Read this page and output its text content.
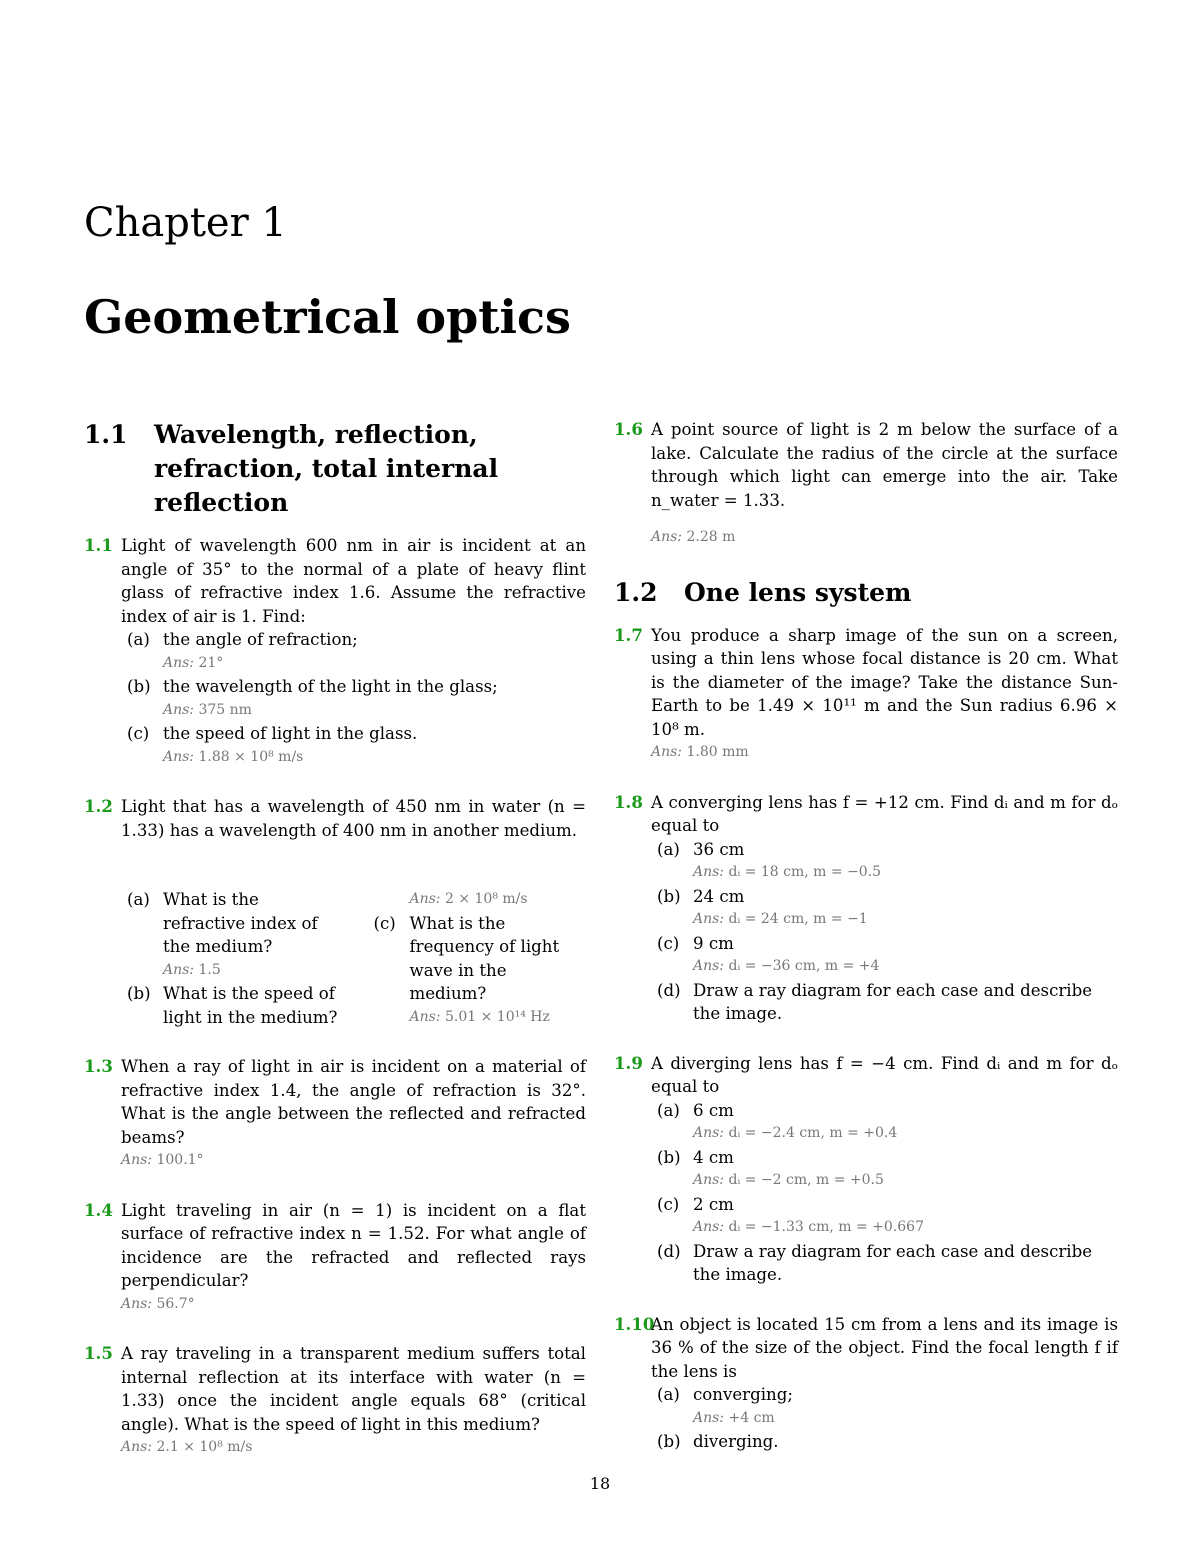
Chapter 1
Geometrical optics
1.1	Wavelength, reflection, refraction, total internal reflection
1.1 Light of wavelength 600 nm in air is incident at an angle of 35° to the normal of a plate of heavy flint glass of refractive index 1.6. Assume the refractive index of air is 1. Find:
(a) the angle of refraction;
Ans: 21°
(b) the wavelength of the light in the glass;
Ans: 375 nm
(c) the speed of light in the glass.
Ans: 1.88 × 10⁸ m/s
1.2 Light that has a wavelength of 450 nm in water (n = 1.33) has a wavelength of 400 nm in another medium.
(a) What is the refractive index of the medium?
Ans: 1.5
(b) What is the speed of light in the medium?
Ans: 2 × 10⁸ m/s
(c) What is the frequency of light wave in the medium?
Ans: 5.01 × 10¹⁴ Hz
1.3 When a ray of light in air is incident on a material of refractive index 1.4, the angle of refraction is 32°. What is the angle between the reflected and refracted beams?
Ans: 100.1°
1.4 Light traveling in air (n = 1) is incident on a flat surface of refractive index n = 1.52. For what angle of incidence are the refracted and reflected rays perpendicular?
Ans: 56.7°
1.5 A ray traveling in a transparent medium suffers total internal reflection at its interface with water (n = 1.33) once the incident angle equals 68° (critical angle). What is the speed of light in this medium?
Ans: 2.1 × 10⁸ m/s
1.6 A point source of light is 2 m below the surface of a lake. Calculate the radius of the circle at the surface through which light can emerge into the air. Take n_water = 1.33.
Ans: 2.28 m
1.2	One lens system
1.7 You produce a sharp image of the sun on a screen, using a thin lens whose focal distance is 20 cm. What is the diameter of the image? Take the distance Sun-Earth to be 1.49 × 10¹¹ m and the Sun radius 6.96 × 10⁸ m.
Ans: 1.80 mm
1.8 A converging lens has f = +12 cm. Find dᵢ and m for dₒ equal to
(a) 36 cm
Ans: dᵢ = 18 cm, m = −0.5
(b) 24 cm
Ans: dᵢ = 24 cm, m = −1
(c) 9 cm
Ans: dᵢ = −36 cm, m = +4
(d) Draw a ray diagram for each case and describe the image.
1.9 A diverging lens has f = −4 cm. Find dᵢ and m for dₒ equal to
(a) 6 cm
Ans: dᵢ = −2.4 cm, m = +0.4
(b) 4 cm
Ans: dᵢ = −2 cm, m = +0.5
(c) 2 cm
Ans: dᵢ = −1.33 cm, m = +0.667
(d) Draw a ray diagram for each case and describe the image.
1.10
An object is located 15 cm from a lens and its image is 36 % of the size of the object. Find the focal length f if the lens is
(a) converging;
Ans: +4 cm
(b) diverging.
18
